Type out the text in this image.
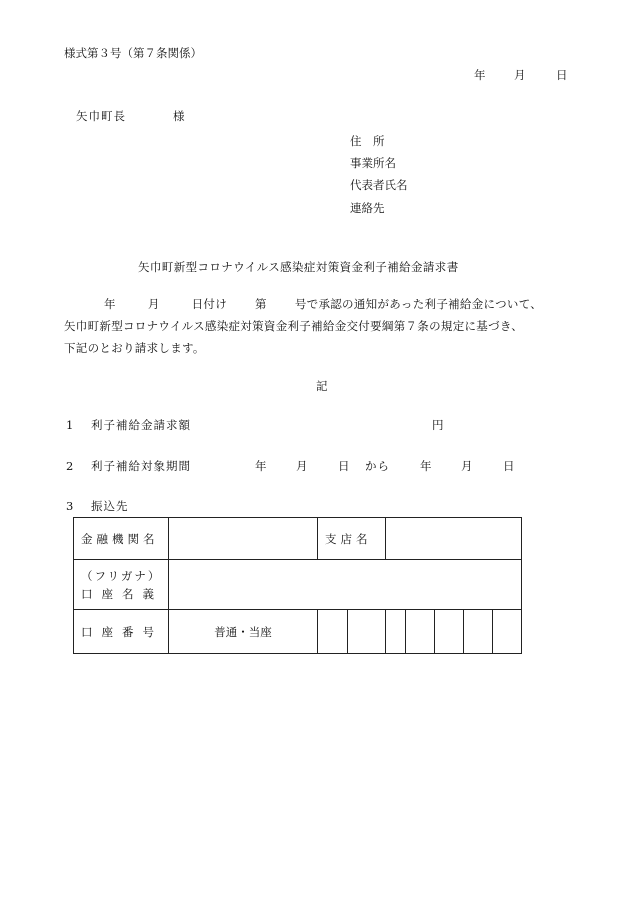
様式第３号（第７条関係）
年 月	日
矢巾町長	様
住　所
事業所名
代表者氏名
連絡先
矢巾町新型コロナウイルス感染症対策資金利子補給金請求書
年	月	日付け 第 号で承認の通知があった利子補給金について、
矢巾町新型コロナウイルス感染症対策資金利子補給金交付要綱第７条の規定に基づき、
下記のとおり請求します。
記
1 利子補給金請求額	円
2 利子補給対象期間	年	月	日 から	年	月	日
3 振込先
金融機関名		支店名						

（フリガナ）
口座名義								

口座番号	普通・当座							
